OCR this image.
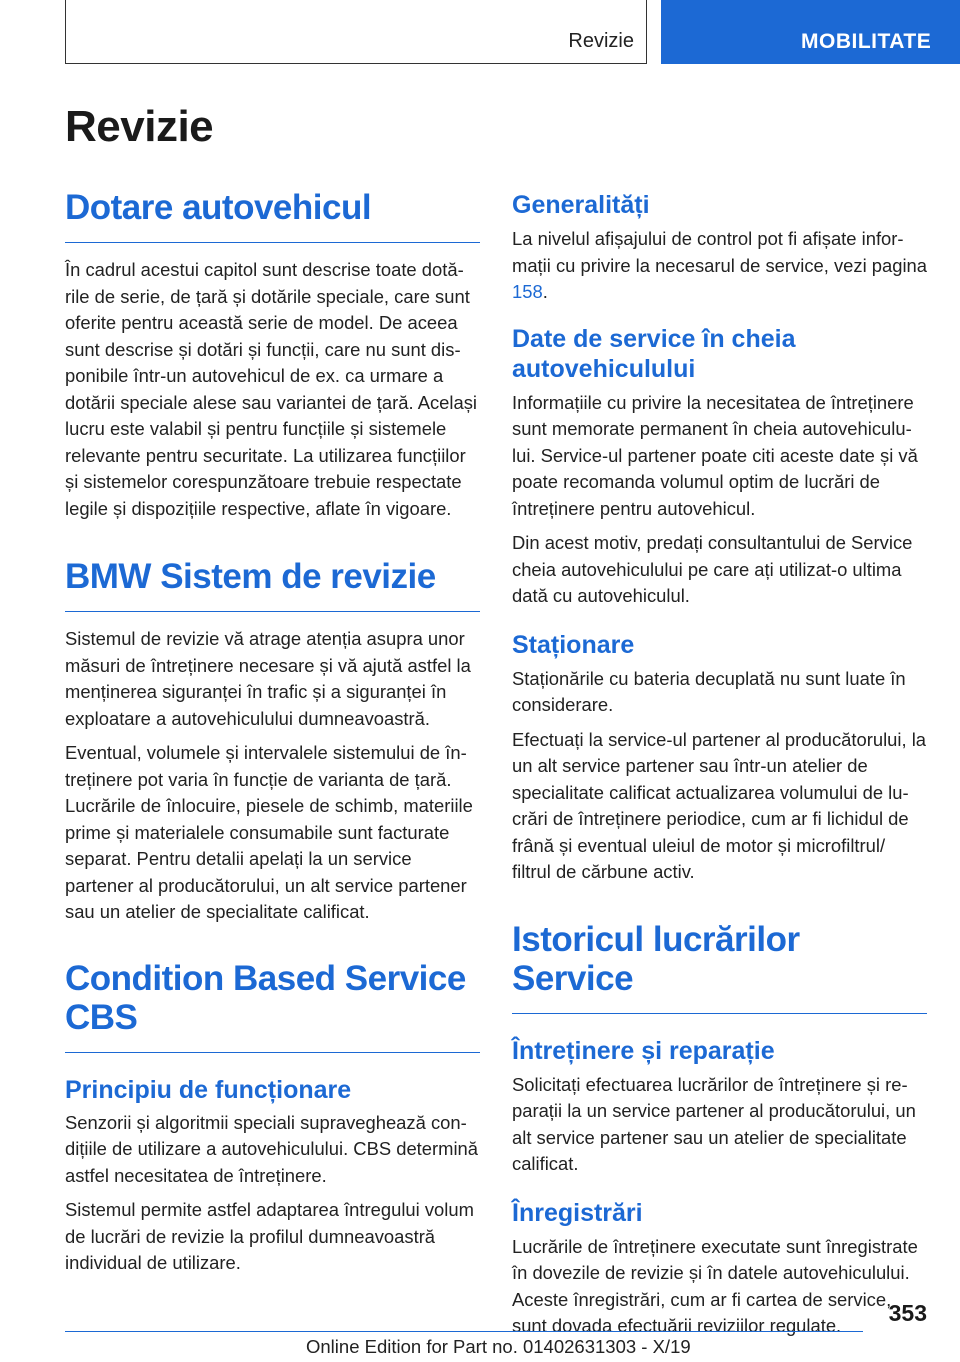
Revizie	MOBILITATE
Revizie
Dotare autovehicul

În cadrul acestui capitol sunt descrise toate dotările de serie, de țară și dotările speciale, care sunt oferite pentru această serie de model. De aceea sunt descrise și dotări și funcții, care nu sunt disponibile într-un autovehicul de ex. ca urmare a dotării speciale alese sau variantei de țară. Același lucru este valabil și pentru funcțiile și sistemele relevante pentru securitate. La utilizarea funcțiilor și sistemelor corespunzătoare trebuie respectate legile și dispozițiile respective, aflate în vigoare.

BMW Sistem de revizie

Sistemul de revizie vă atrage atenția asupra unor măsuri de întreținere necesare și vă ajută astfel la menținerea siguranței în trafic și a siguranței în exploatare a autovehiculului dumneavoastră.

Eventual, volumele și intervalele sistemului de întreținere pot varia în funcție de varianta de țară. Lucrările de înlocuire, piesele de schimb, materiile prime și materialele consumabile sunt facturate separat. Pentru detalii apelați la un service partener al producătorului, un alt service partener sau un atelier de specialitate calificat.

Condition Based Service CBS
Principiu de funcționare

Senzorii și algoritmii speciali supraveghează condițiile de utilizare a autovehiculului. CBS determină astfel necesitatea de întreținere.

Sistemul permite astfel adaptarea întregului volum de lucrări de revizie la profilul dumneavoastră individual de utilizare.

Generalități

La nivelul afișajului de control pot fi afișate informații cu privire la necesarul de service, vezi pagina 158.

Date de service în cheia autovehiculului

Informațiile cu privire la necesitatea de întreținere sunt memorate permanent în cheia autovehiculului. Service-ul partener poate citi aceste date și vă poate recomanda volumul optim de lucrări de întreținere pentru autovehicul.

Din acest motiv, predați consultantului de Service cheia autovehiculului pe care ați utilizat-o ultima dată cu autovehiculul.

Staționare

Staționările cu bateria decuplată nu sunt luate în considerare.

Efectuați la service-ul partener al producătorului, la un alt service partener sau într-un atelier de specialitate calificat actualizarea volumului de lucrări de întreținere periodice, cum ar fi lichidul de frână și eventual uleiul de motor și microfiltrul/ filtrul de cărbune activ.

Istoricul lucrărilor Service
Întreținere și reparație

Solicitați efectuarea lucrărilor de întreținere și reparații la un service partener al producătorului, un alt service partener sau un atelier de specialitate calificat.

Înregistrări

Lucrările de întreținere executate sunt înregistrate în dovezile de revizie și în datele autovehiculului. Aceste înregistrări, cum ar fi cartea de service, sunt dovada efectuării reviziilor regulate.	353
Online Edition for Part no. 01402631303 - X/19
